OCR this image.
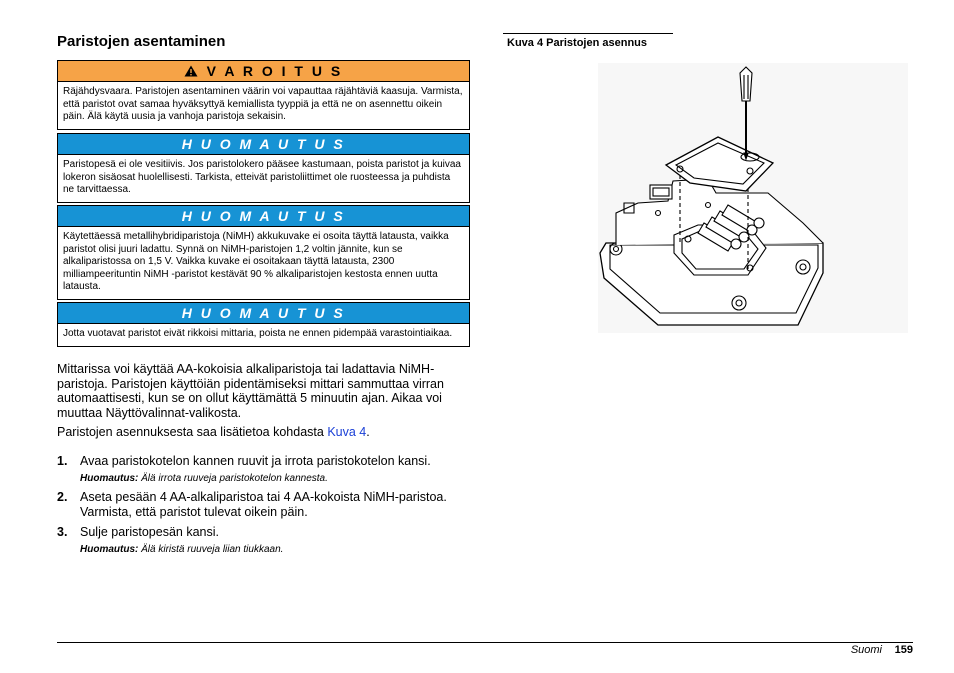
Paristojen asentaminen
V A R O I T U S

Räjähdysvaara. Paristojen asentaminen väärin voi vapauttaa räjähtäviä kaasuja. Varmista, että paristot ovat samaa hyväksyttyä kemiallista tyyppiä ja että ne on asennettu oikein päin. Älä käytä uusia ja vanhoja paristoja sekaisin.

H U O M A U T U S

Paristopesä ei ole vesitiivis. Jos paristolokero pääsee kastumaan, poista paristot ja kuivaa lokeron sisäosat huolellisesti. Tarkista, etteivät paristoliittimet ole ruosteessa ja puhdista ne tarvittaessa.

H U O M A U T U S

Käytettäessä metallihybridiparistoja (NiMH) akkukuvake ei osoita täyttä latausta, vaikka paristot olisi juuri ladattu. Synnä on NiMH-paristojen 1,2 voltin jännite, kun se alkaliparistossa on 1,5 V. Vaikka kuvake ei osoitakaan täyttä latausta, 2300 milliampeerituntin NiMH -paristot kestävät 90 % alkaliparistojen kestosta ennen uutta latausta.

H U O M A U T U S

Jotta vuotavat paristot eivät rikkoisi mittaria, poista ne ennen pidempää varastointiaikaa.

Mittarissa voi käyttää AA-kokoisia alkaliparistoja tai ladattavia NiMH-paristoja. Paristojen käyttöiän pidentämiseksi mittari sammuttaa virran automaattisesti, kun se on ollut käyttämättä 5 minuutin ajan. Aikaa voi muuttaa Näyttövalinnat-valikosta.

Paristojen asennuksesta saa lisätietoa kohdasta Kuva 4.

1. Avaa paristokotelon kannen ruuvit ja irrota paristokotelon kansi.
Huomautus: Älä irrota ruuveja paristokotelon kannesta.
2. Aseta pesään 4 AA-alkaliparistoa tai 4 AA-kokoista NiMH-paristoa. Varmista, että paristot tulevat oikein päin.
3. Sulje paristopesän kansi.
Huomautus: Älä kiristä ruuveja liian tiukkaan.
Kuva 4 Paristojen asennus
Suomi 159
